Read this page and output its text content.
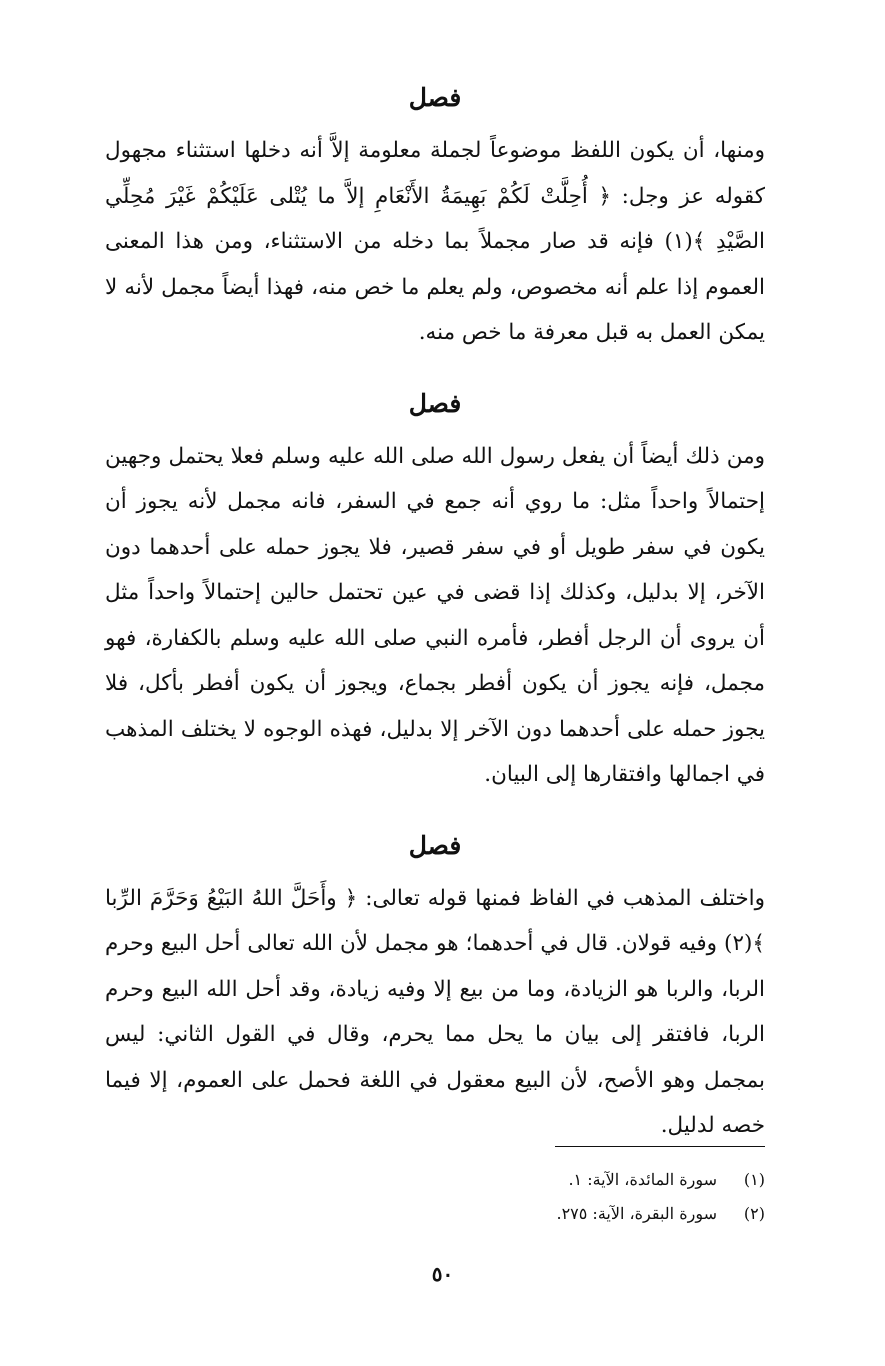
فصل

ومنها، أن يكون اللفظ موضوعاً لجملة معلومة إلاَّ أنه دخلها استثناء مجهول كقوله عز وجل: ﴿ أُحِلَّتْ لَكُمْ بَهِيمَةُ الأَنْعَامِ إلاَّ ما يُتْلى عَلَيْكُمْ غَيْرَ مُحِلِّي الصَّيْدِ ﴾(١) فإنه قد صار مجملاً بما دخله من الاستثناء، ومن هذا المعنى العموم إذا علم أنه مخصوص، ولم يعلم ما خص منه، فهذا أيضاً مجمل لأنه لا يمكن العمل به قبل معرفة ما خص منه.

فصل

ومن ذلك أيضاً أن يفعل رسول الله صلى الله عليه وسلم فعلا يحتمل وجهين إحتمالاً واحداً مثل: ما روي أنه جمع في السفر، فانه مجمل لأنه يجوز أن يكون في سفر طويل أو في سفر قصير، فلا يجوز حمله على أحدهما دون الآخر، إلا بدليل، وكذلك إذا قضى في عين تحتمل حالين إحتمالاً واحداً مثل أن يروى أن الرجل أفطر، فأمره النبي صلى الله عليه وسلم بالكفارة، فهو مجمل، فإنه يجوز أن يكون أفطر بجماع، ويجوز أن يكون أفطر بأكل، فلا يجوز حمله على أحدهما دون الآخر إلا بدليل، فهذه الوجوه لا يختلف المذهب في اجمالها وافتقارها إلى البيان.

فصل

واختلف المذهب في الفاظ فمنها قوله تعالى: ﴿ وأَحَلَّ اللهُ البَيْعُ وَحَرَّمَ الرِّبا ﴾(٢) وفيه قولان. قال في أحدهما؛ هو مجمل لأن الله تعالى أحل البيع وحرم الربا، والربا هو الزيادة، وما من بيع إلا وفيه زيادة، وقد أحل الله البيع وحرم الربا، فافتقر إلى بيان ما يحل مما يحرم، وقال في القول الثاني: ليس بمجمل وهو الأصح، لأن البيع معقول في اللغة فحمل على العموم، إلا فيما خصه لدليل.

(١)
سورة المائدة، الآية: ١.
(٢)
سورة البقرة، الآية: ٢٧٥.
٥٠
